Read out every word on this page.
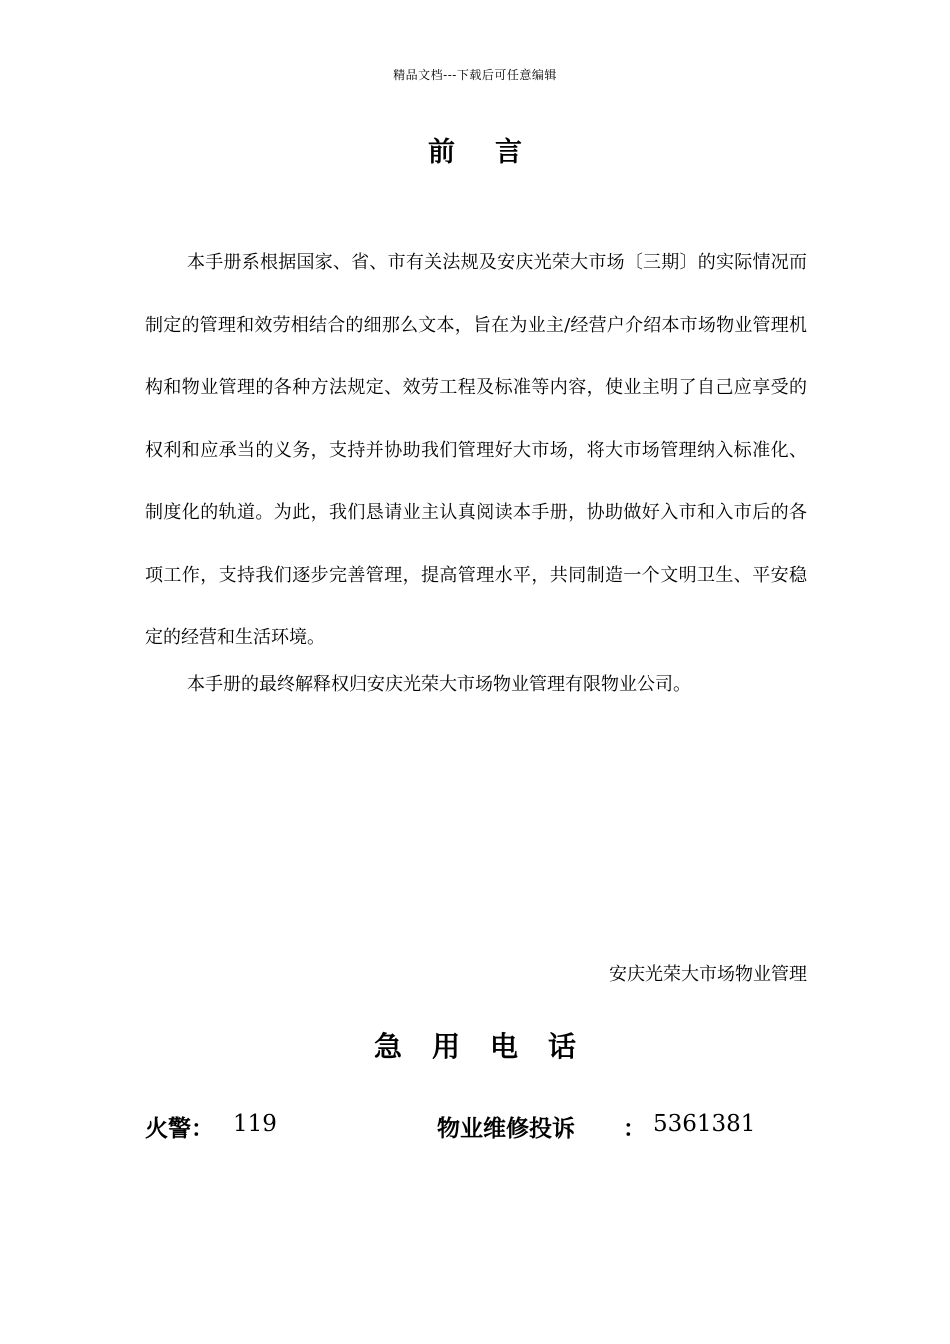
精品文档---下载后可任意编辑
前言

本手册系根据国家、省、市有关法规及安庆光荣大市场〔三期〕的实际情况而制定的管理和效劳相结合的细那么文本，旨在为业主/经营户介绍本市场物业管理机构和物业管理的各种方法规定、效劳工程及标准等内容，使业主明了自己应享受的权利和应承当的义务，支持并协助我们管理好大市场，将大市场管理纳入标准化、制度化的轨道。为此，我们恳请业主认真阅读本手册，协助做好入市和入市后的各项工作，支持我们逐步完善管理，提高管理水平，共同制造一个文明卫生、平安稳定的经营和生活环境。

本手册的最终解释权归安庆光荣大市场物业管理有限物业公司。

安庆光荣大市场物业管理
急用电话
火警： 119	物业维修投诉 ： 5361381
